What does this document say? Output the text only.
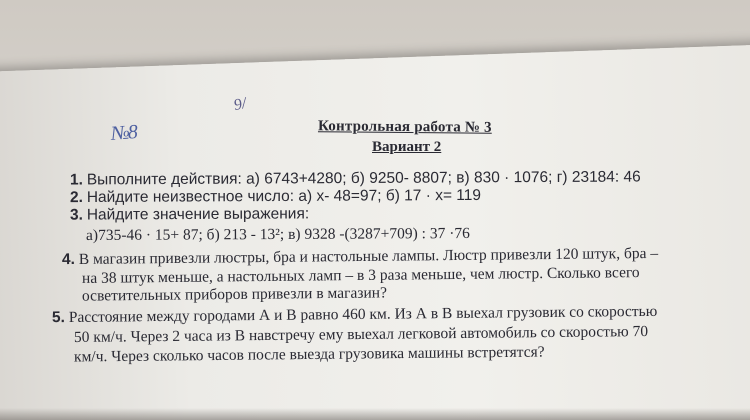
9/
№8	Контрольная работа № 3
Вариант 2
1. Выполните действия: а) 6743+4280; б) 9250- 8807; в) 830 · 1076; г) 23184: 46
2. Найдите неизвестное число: а) х- 48=97; б) 17 · х= 119
3. Найдите значение выражения:
а)735-46 · 15+ 87; б) 213 - 13²; в) 9328 -(3287+709) : 37 ·76
4. В магазин привезли люстры, бра и настольные лампы. Люстр привезли 120 штук, бра –
на 38 штук меньше, а настольных ламп – в 3 раза меньше, чем люстр. Сколько всего
осветительных приборов привезли в магазин?
5. Расстояние между городами А и В равно 460 км. Из А в В выехал грузовик со скоростью
50 км/ч. Через 2 часа из В навстречу ему выехал легковой автомобиль со скоростью 70
км/ч. Через сколько часов после выезда грузовика машины встретятся?
